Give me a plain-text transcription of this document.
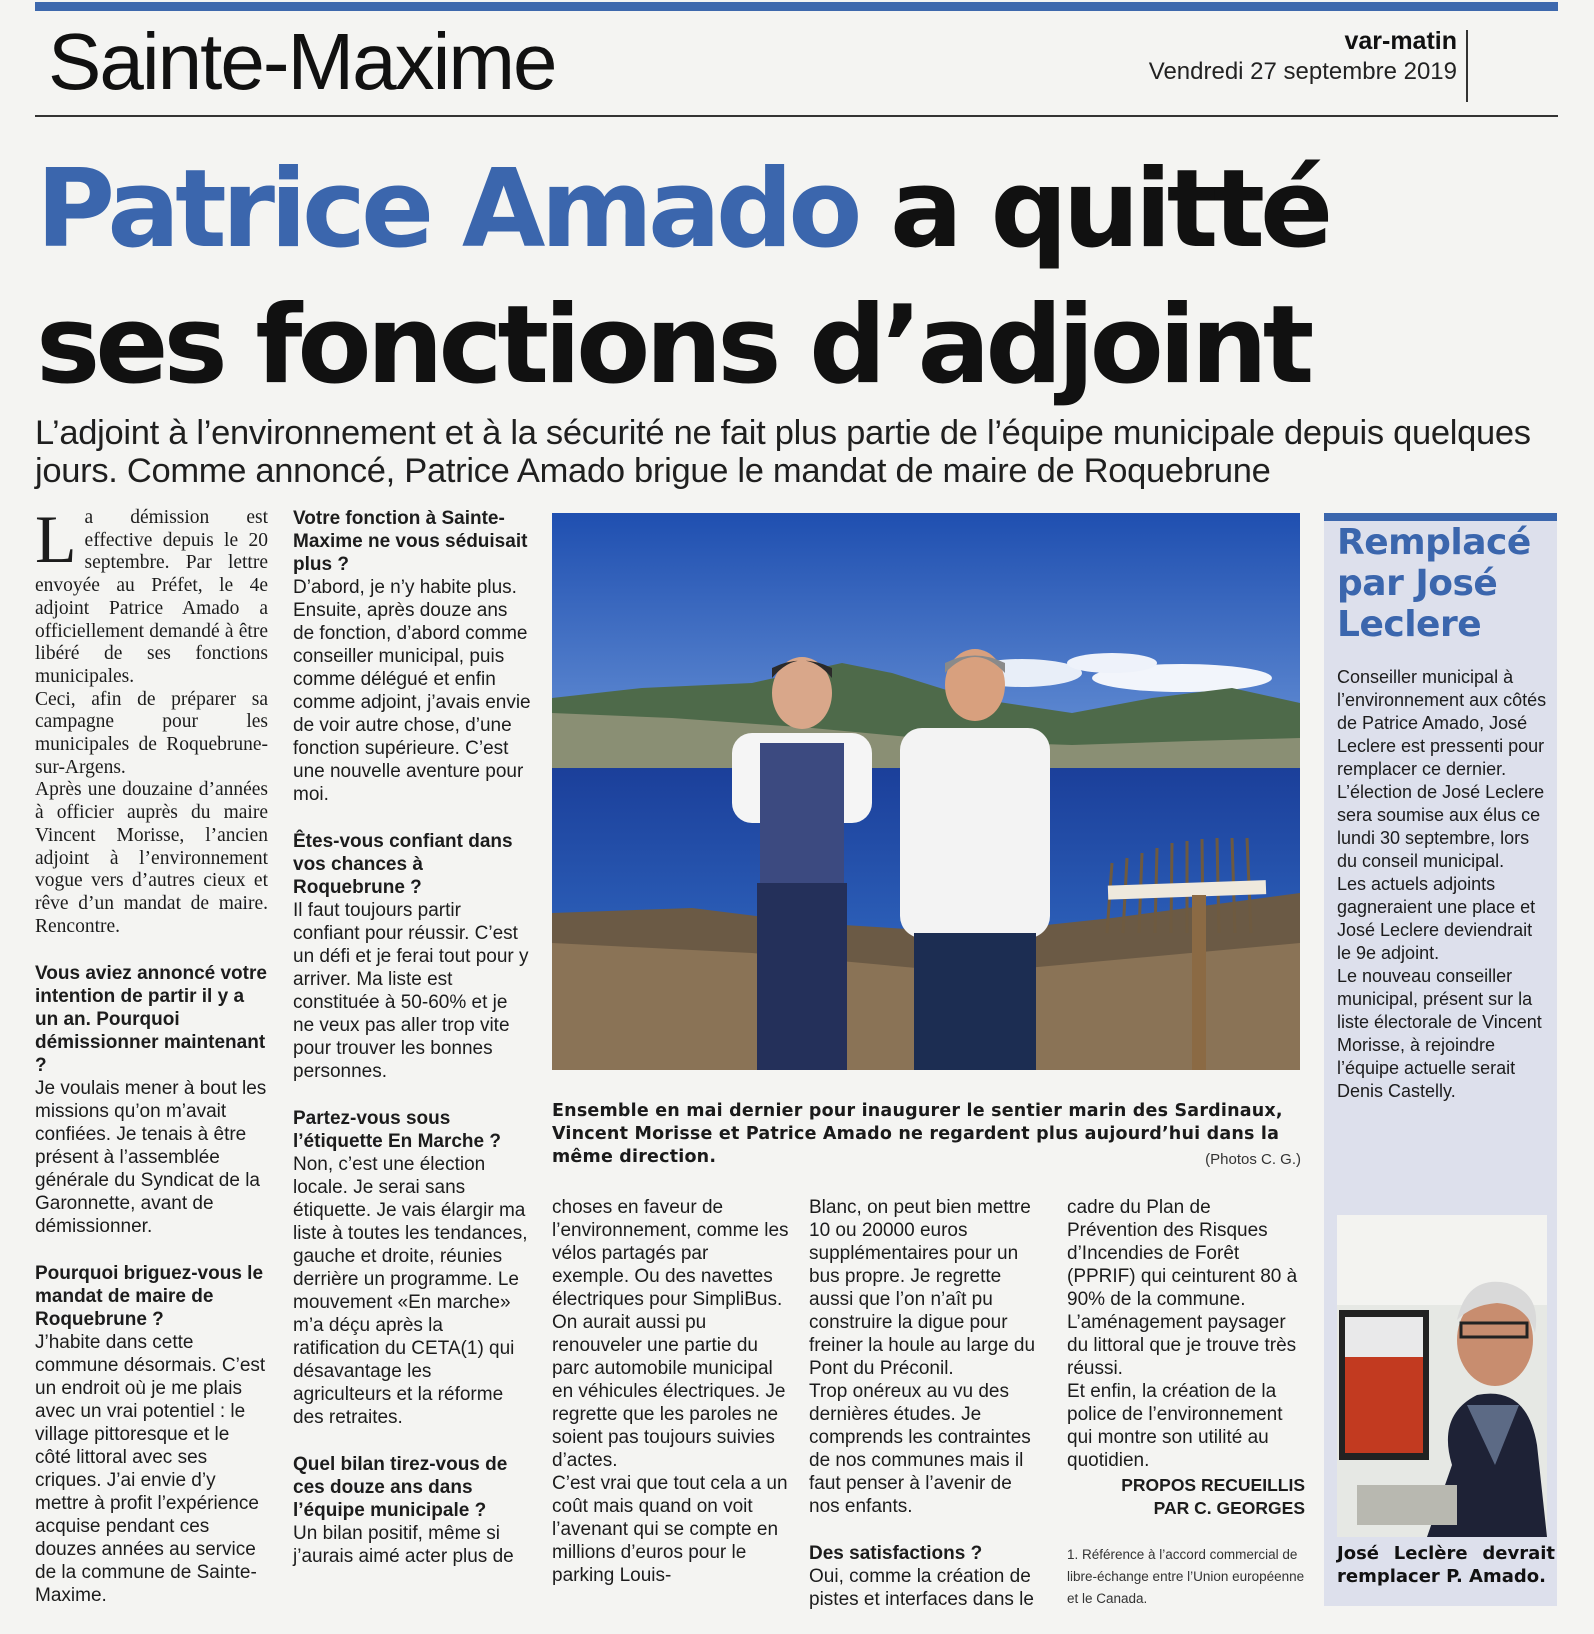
Sainte-Maxime	var-matin
Vendredi 27 septembre 2019
Patrice Amado a quitté
ses fonctions d’adjoint
L’adjoint à l’environnement et à la sécurité ne fait plus partie de l’équipe municipale depuis quelques jours. Comme annoncé, Patrice Amado brigue le mandat de maire de Roquebrune
L a démission est effective depuis le 20 septembre. Par lettre envoyée au Préfet, le 4e adjoint Patrice Amado a officiellement demandé à être libéré de ses fonctions municipales.

Ceci, afin de préparer sa campagne pour les municipales de Roquebrune-sur-Argens.

Après une douzaine d’années à officier auprès du maire Vincent Morisse, l’ancien adjoint à l’environnement vogue vers d’autres cieux et rêve d’un mandat de maire. Rencontre.

Vous aviez annoncé votre intention de partir il y a un an. Pourquoi démissionner maintenant ?

Je voulais mener à bout les missions qu’on m’avait confiées. Je tenais à être présent à l’assemblée générale du Syndicat de la Garonnette, avant de démissionner.

Pourquoi briguez-vous le mandat de maire de Roquebrune ?

J’habite dans cette commune désormais. C’est un endroit où je me plais avec un vrai potentiel : le village pittoresque et le côté littoral avec ses criques. J’ai envie d’y mettre à profit l’expérience acquise pendant ces douzes années au service de la commune de Sainte-Maxime.

Votre fonction à Sainte-Maxime ne vous séduisait plus ?

D’abord, je n’y habite plus. Ensuite, après douze ans de fonction, d’abord comme conseiller municipal, puis comme délégué et enfin comme adjoint, j’avais envie de voir autre chose, d’une fonction supérieure. C’est une nouvelle aventure pour moi.

Êtes-vous confiant dans vos chances à Roquebrune ?

Il faut toujours partir confiant pour réussir. C’est un défi et je ferai tout pour y arriver. Ma liste est constituée à 50-60% et je ne veux pas aller trop vite pour trouver les bonnes personnes.

Partez-vous sous l’étiquette En Marche ?

Non, c’est une élection locale. Je serai sans étiquette. Je vais élargir ma liste à toutes les tendances, gauche et droite, réunies derrière un programme. Le mouvement «En marche» m’a déçu après la ratification du CETA(1) qui désavantage les agriculteurs et la réforme des retraites.

Quel bilan tirez-vous de ces douze ans dans l’équipe municipale ?

Un bilan positif, même si j’aurais aimé acter plus de

Ensemble en mai dernier pour inaugurer le sentier marin des Sardinaux, Vincent Morisse et Patrice Amado ne regardent plus aujourd’hui dans la même direction.	(Photos C. G.)

choses en faveur de l’environnement, comme les vélos partagés par exemple. Ou des navettes électriques pour SimpliBus. On aurait aussi pu renouveler une partie du parc automobile municipal en véhicules électriques. Je regrette que les paroles ne soient pas toujours suivies d’actes.

C’est vrai que tout cela a un coût mais quand on voit l’avenant qui se compte en millions d’euros pour le parking Louis-

Blanc, on peut bien mettre 10 ou 20000 euros supplémentaires pour un bus propre. Je regrette aussi que l’on n’aît pu construire la digue pour freiner la houle au large du Pont du Préconil.

Trop onéreux au vu des dernières études. Je comprends les contraintes de nos communes mais il faut penser à l’avenir de nos enfants.

Des satisfactions ?

Oui, comme la création de pistes et interfaces dans le

cadre du Plan de Prévention des Risques d’Incendies de Forêt (PPRIF) qui ceinturent 80 à 90% de la commune.

L’aménagement paysager du littoral que je trouve très réussi.

Et enfin, la création de la police de l’environnement qui montre son utilité au quotidien.

PROPOS RECUEILLIS
PAR C. GEORGES

1. Référence à l’accord commercial de libre-échange entre l’Union européenne et le Canada.
Remplacé par José Leclere

Conseiller municipal à l’environnement aux côtés de Patrice Amado, José Leclere est pressenti pour remplacer ce dernier. L’élection de José Leclere sera soumise aux élus ce lundi 30 septembre, lors du conseil municipal.

Les actuels adjoints gagneraient une place et José Leclere deviendrait le 9e adjoint.

Le nouveau conseiller municipal, présent sur la liste électorale de Vincent Morisse, à rejoindre l’équipe actuelle serait Denis Castelly.

José Leclère devrait remplacer P. Amado.
